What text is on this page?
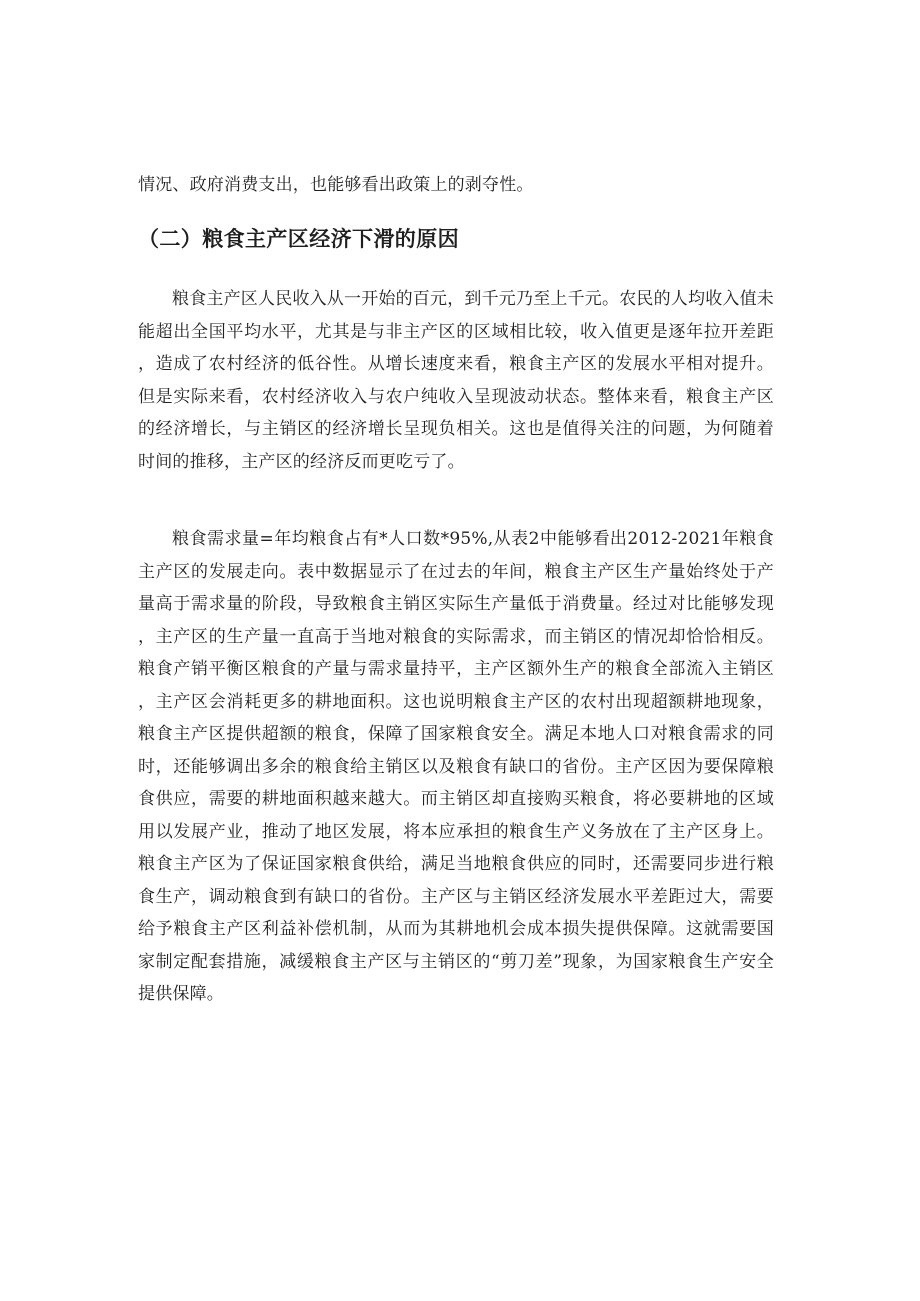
情况、政府消费支出，也能够看出政策上的剥夺性。

（二）粮食主产区经济下滑的原因

粮食主产区人民收入从一开始的百元，到千元乃至上千元。农民的人均收入值未能超出全国平均水平，尤其是与非主产区的区域相比较，收入值更是逐年拉开差距，造成了农村经济的低谷性。从增长速度来看，粮食主产区的发展水平相对提升。但是实际来看，农村经济收入与农户纯收入呈现波动状态。整体来看，粮食主产区的经济增长，与主销区的经济增长呈现负相关。这也是值得关注的问题，为何随着时间的推移，主产区的经济反而更吃亏了。

粮食需求量=年均粮食占有*人口数*95%,从表2中能够看出2012-2021年粮食主产区的发展走向。表中数据显示了在过去的年间，粮食主产区生产量始终处于产量高于需求量的阶段，导致粮食主销区实际生产量低于消费量。经过对比能够发现，主产区的生产量一直高于当地对粮食的实际需求，而主销区的情况却恰恰相反。粮食产销平衡区粮食的产量与需求量持平，主产区额外生产的粮食全部流入主销区，主产区会消耗更多的耕地面积。这也说明粮食主产区的农村出现超额耕地现象，粮食主产区提供超额的粮食，保障了国家粮食安全。满足本地人口对粮食需求的同时，还能够调出多余的粮食给主销区以及粮食有缺口的省份。主产区因为要保障粮食供应，需要的耕地面积越来越大。而主销区却直接购买粮食，将必要耕地的区域用以发展产业，推动了地区发展，将本应承担的粮食生产义务放在了主产区身上。粮食主产区为了保证国家粮食供给，满足当地粮食供应的同时，还需要同步进行粮食生产，调动粮食到有缺口的省份。主产区与主销区经济发展水平差距过大，需要给予粮食主产区利益补偿机制，从而为其耕地机会成本损失提供保障。这就需要国家制定配套措施，减缓粮食主产区与主销区的“剪刀差”现象，为国家粮食生产安全提供保障。
